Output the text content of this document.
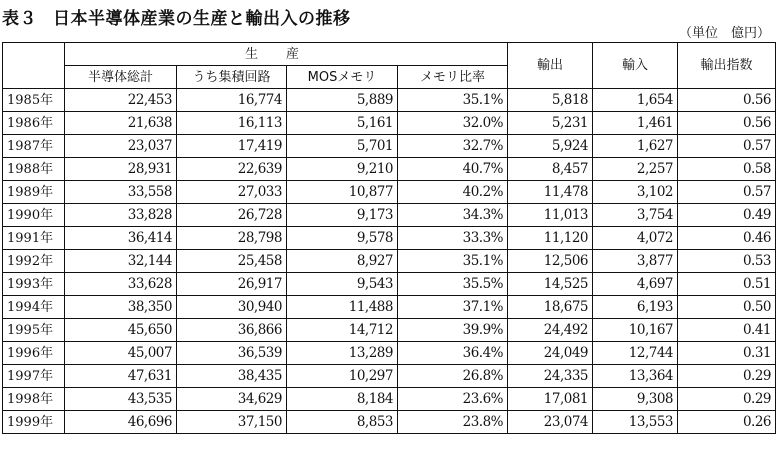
表３ 日本半導体産業の生産と輸出入の推移
（単位　億円）
	生産				輸出	輸入	輸出指数
	半導体総計	うち集積回路	MOSメモリ	メモリ比率			
1985年	22,453	16,774	5,889	35.1%	5,818	1,654	0.56
1986年	21,638	16,113	5,161	32.0%	5,231	1,461	0.56
1987年	23,037	17,419	5,701	32.7%	5,924	1,627	0.57
1988年	28,931	22,639	9,210	40.7%	8,457	2,257	0.58
1989年	33,558	27,033	10,877	40.2%	11,478	3,102	0.57
1990年	33,828	26,728	9,173	34.3%	11,013	3,754	0.49
1991年	36,414	28,798	9,578	33.3%	11,120	4,072	0.46
1992年	32,144	25,458	8,927	35.1%	12,506	3,877	0.53
1993年	33,628	26,917	9,543	35.5%	14,525	4,697	0.51
1994年	38,350	30,940	11,488	37.1%	18,675	6,193	0.50
1995年	45,650	36,866	14,712	39.9%	24,492	10,167	0.41
1996年	45,007	36,539	13,289	36.4%	24,049	12,744	0.31
1997年	47,631	38,435	10,297	26.8%	24,335	13,364	0.29
1998年	43,535	34,629	8,184	23.6%	17,081	9,308	0.29
1999年	46,696	37,150	8,853	23.8%	23,074	13,553	0.26
